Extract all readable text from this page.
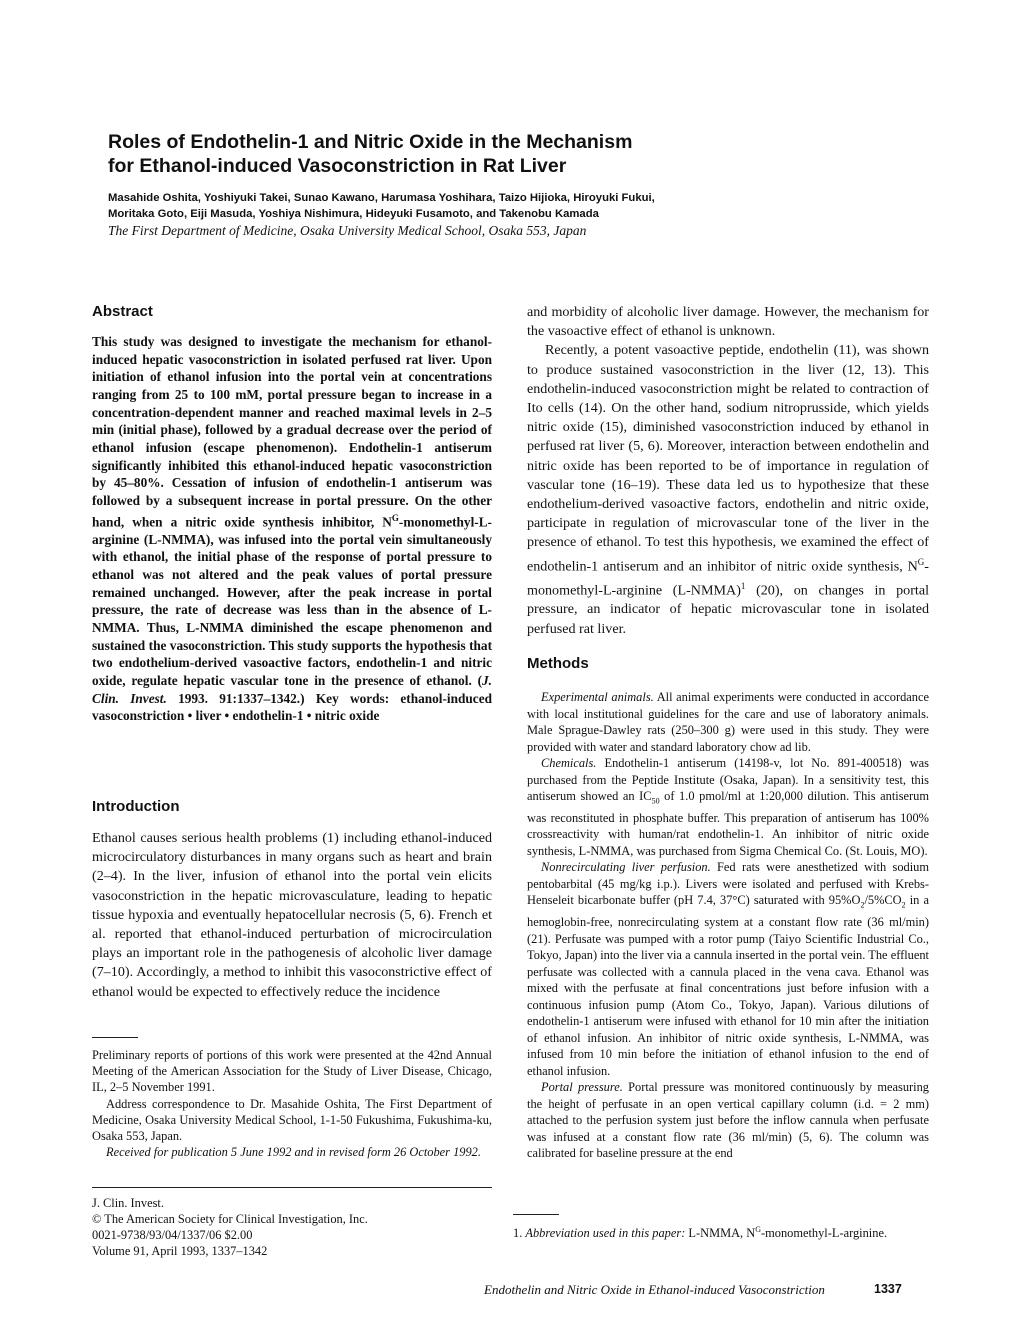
Roles of Endothelin-1 and Nitric Oxide in the Mechanism
for Ethanol-induced Vasoconstriction in Rat Liver
Masahide Oshita, Yoshiyuki Takei, Sunao Kawano, Harumasa Yoshihara, Taizo Hijioka, Hiroyuki Fukui,
Moritaka Goto, Eiji Masuda, Yoshiya Nishimura, Hideyuki Fusamoto, and Takenobu Kamada
The First Department of Medicine, Osaka University Medical School, Osaka 553, Japan
Abstract

This study was designed to investigate the mechanism for ethanol-induced hepatic vasoconstriction in isolated perfused rat liver. Upon initiation of ethanol infusion into the portal vein at concentrations ranging from 25 to 100 mM, portal pressure began to increase in a concentration-dependent manner and reached maximal levels in 2–5 min (initial phase), followed by a gradual decrease over the period of ethanol infusion (escape phenomenon). Endothelin-1 antiserum significantly inhibited this ethanol-induced hepatic vasoconstriction by 45–80%. Cessation of infusion of endothelin-1 antiserum was followed by a subsequent increase in portal pressure. On the other hand, when a nitric oxide synthesis inhibitor, $N^G-monomethyl-L$-arginine (L-NMMA), was infused into the portal vein simultaneously with ethanol, the initial phase of the response of portal pressure to ethanol was not altered and the peak values of portal pressure remained unchanged. However, after the peak increase in portal pressure, the rate of decrease was less than in the absence of L-NMMA. Thus, L-NMMA diminished the escape phenomenon and sustained the vasoconstriction. This study supports the hypothesis that two endothelium-derived vasoactive factors, endothelin-1 and nitric oxide, regulate hepatic vascular tone in the presence of ethanol. (J. Clin. Invest. 1993. 91:1337–1342.) Key words: ethanol-induced vasoconstriction • liver • endothelin-1 • nitric oxide

Introduction

Ethanol causes serious health problems (1) including ethanol-induced microcirculatory disturbances in many organs such as heart and brain (2–4). In the liver, infusion of ethanol into the portal vein elicits vasoconstriction in the hepatic microvasculature, leading to hepatic tissue hypoxia and eventually hepatocellular necrosis (5, 6). French et al. reported that ethanol-induced perturbation of microcirculation plays an important role in the pathogenesis of alcoholic liver damage (7–10). Accordingly, a method to inhibit this vasoconstrictive effect of ethanol would be expected to effectively reduce the incidence

Preliminary reports of portions of this work were presented at the 42nd Annual Meeting of the American Association for the Study of Liver Disease, Chicago, IL, 2–5 November 1991.

Address correspondence to Dr. Masahide Oshita, The First Department of Medicine, Osaka University Medical School, 1-1-50 Fukushima, Fukushima-ku, Osaka 553, Japan.

Received for publication 5 June 1992 and in revised form 26 October 1992.

J. Clin. Invest.
© The American Society for Clinical Investigation, Inc.
0021-9738/93/04/1337/06 $2.00
Volume 91, April 1993, 1337–1342

and morbidity of alcoholic liver damage. However, the mechanism for the vasoactive effect of ethanol is unknown.

Recently, a potent vasoactive peptide, endothelin (11), was shown to produce sustained vasoconstriction in the liver (12, 13). This endothelin-induced vasoconstriction might be related to contraction of Ito cells (14). On the other hand, sodium nitroprusside, which yields nitric oxide (15), diminished vasoconstriction induced by ethanol in perfused rat liver (5, 6). Moreover, interaction between endothelin and nitric oxide has been reported to be of importance in regulation of vascular tone (16–19). These data led us to hypothesize that these endothelium-derived vasoactive factors, endothelin and nitric oxide, participate in regulation of microvascular tone of the liver in the presence of ethanol. To test this hypothesis, we examined the effect of endothelin-1 antiserum and an inhibitor of nitric oxide synthesis, $N^G-monomethyl-L$-arginine (L-NMMA)$^1$ (20), on changes in portal pressure, an indicator of hepatic microvascular tone in isolated perfused rat liver.

Methods

Experimental animals. All animal experiments were conducted in accordance with local institutional guidelines for the care and use of laboratory animals. Male Sprague-Dawley rats (250–300 g) were used in this study. They were provided with water and standard laboratory chow ad lib.

Chemicals. Endothelin-1 antiserum (14198-v, lot No. 891-400518) was purchased from the Peptide Institute (Osaka, Japan). In a sensitivity test, this antiserum showed an $IC_{50}$ of 1.0 pmol/ml at 1:20,000 dilution. This antiserum was reconstituted in phosphate buffer. This preparation of antiserum has 100% crossreactivity with human/rat endothelin-1. An inhibitor of nitric oxide synthesis, L-NMMA, was purchased from Sigma Chemical Co. (St. Louis, MO).

Nonrecirculating liver perfusion. Fed rats were anesthetized with sodium pentobarbital (45 mg/kg i.p.). Livers were isolated and perfused with Krebs-Henseleit bicarbonate buffer (pH 7.4, 37°C) saturated with $95\%O_2/5\%CO_2$ in a hemoglobin-free, nonrecirculating system at a constant flow rate (36 ml/min) (21). Perfusate was pumped with a rotor pump (Taiyo Scientific Industrial Co., Tokyo, Japan) into the liver via a cannula inserted in the portal vein. The effluent perfusate was collected with a cannula placed in the vena cava. Ethanol was mixed with the perfusate at final concentrations just before infusion with a continuous infusion pump (Atom Co., Tokyo, Japan). Various dilutions of endothelin-1 antiserum were infused with ethanol for 10 min after the initiation of ethanol infusion. An inhibitor of nitric oxide synthesis, L-NMMA, was infused from 10 min before the initiation of ethanol infusion to the end of ethanol infusion.

Portal pressure. Portal pressure was monitored continuously by measuring the height of perfusate in an open vertical capillary column (i.d. = 2 mm) attached to the perfusion system just before the inflow cannula when perfusate was infused at a constant flow rate (36 ml/min) (5, 6). The column was calibrated for baseline pressure at the end

1. Abbreviation used in this paper: L-NMMA, $N^G-monomethyl-L$-arginine.
Endothelin and Nitric Oxide in Ethanol-induced Vasoconstriction	1337
